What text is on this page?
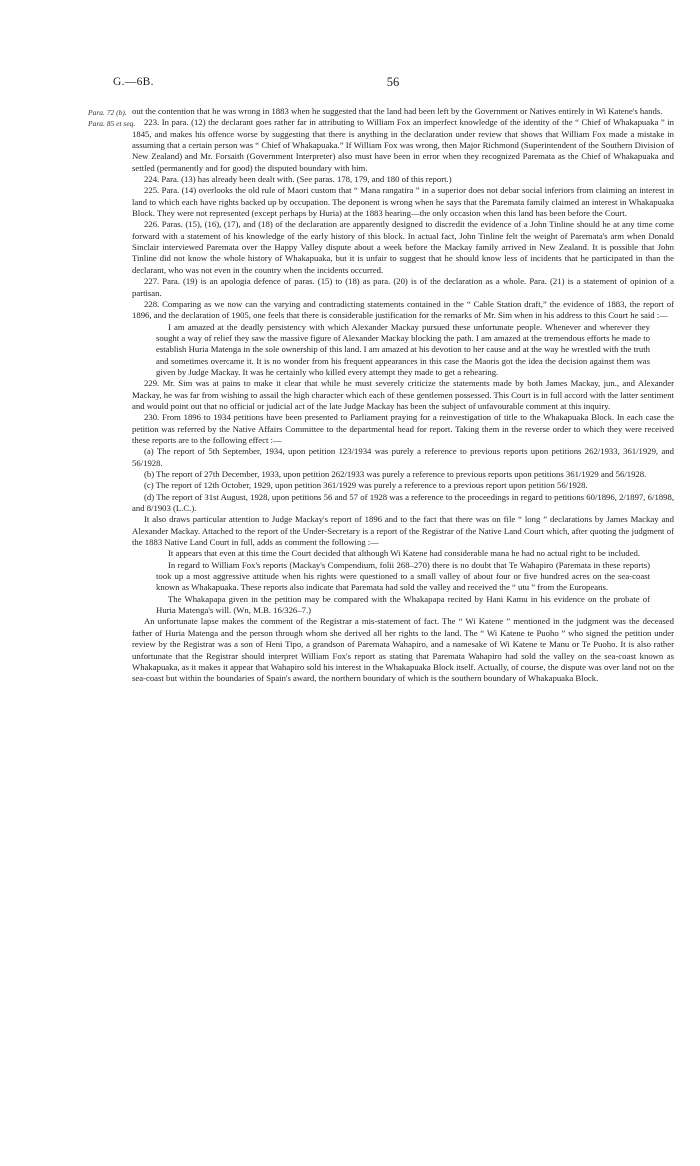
G.—6B.	56
Para. 72 (b).
Para. 85 et seq.

out the contention that he was wrong in 1883 when he suggested that the land had been left by the Government or Natives entirely in Wi Katene's hands.

223. In para. (12) the declarant goes rather far in attributing to William Fox an imperfect knowledge of the identity of the “ Chief of Whakapuaka ” in 1845, and makes his offence worse by suggesting that there is anything in the declaration under review that shows that William Fox made a mistake in assuming that a certain person was “ Chief of Whakapuaka.” If William Fox was wrong, then Major Richmond (Superintendent of the Southern Division of New Zealand) and Mr. Forsaith (Government Interpreter) also must have been in error when they recognized Paremata as the Chief of Whakapuaka and settled (permanently and for good) the disputed boundary with him.

224. Para. (13) has already been dealt with. (See paras. 178, 179, and 180 of this report.)

225. Para. (14) overlooks the old rule of Maori custom that “ Mana rangatira ” in a superior does not debar social inferiors from claiming an interest in land to which each have rights backed up by occupation. The deponent is wrong when he says that the Paremata family claimed an interest in Whakapuaka Block. They were not represented (except perhaps by Huria) at the 1883 hearing—the only occasion when this land has been before the Court.

226. Paras. (15), (16), (17), and (18) of the declaration are apparently designed to discredit the evidence of a John Tinline should he at any time come forward with a statement of his knowledge of the early history of this block. In actual fact, John Tinline felt the weight of Paremata's arm when Donald Sinclair interviewed Paremata over the Happy Valley dispute about a week before the Mackay family arrived in New Zealand. It is possible that John Tinline did not know the whole history of Whakapuaka, but it is unfair to suggest that he should know less of incidents that he participated in than the declarant, who was not even in the country when the incidents occurred.

227. Para. (19) is an apologia defence of paras. (15) to (18) as para. (20) is of the declaration as a whole. Para. (21) is a statement of opinion of a partisan.

228. Comparing as we now can the varying and contradicting statements contained in the “ Cable Station draft,” the evidence of 1883, the report of 1896, and the declaration of 1905, one feels that there is considerable justification for the remarks of Mr. Sim when in his address to this Court he said :—

I am amazed at the deadly persistency with which Alexander Mackay pursued these unfortunate people. Whenever and wherever they sought a way of relief they saw the massive figure of Alexander Mackay blocking the path. I am amazed at the tremendous efforts he made to establish Huria Matenga in the sole ownership of this land. I am amazed at his devotion to her cause and at the way he wrestled with the truth and sometimes overcame it. It is no wonder from his frequent appearances in this case the Maoris got the idea the decision against them was given by Judge Mackay. It was he certainly who killed every attempt they made to get a rehearing.

229. Mr. Sim was at pains to make it clear that while he must severely criticize the statements made by both James Mackay, jun., and Alexander Mackay, he was far from wishing to assail the high character which each of these gentlemen possessed. This Court is in full accord with the latter sentiment and would point out that no official or judicial act of the late Judge Mackay has been the subject of unfavourable comment at this inquiry.

230. From 1896 to 1934 petitions have been presented to Parliament praying for a reinvestigation of title to the Whakapuaka Block. In each case the petition was referred by the Native Affairs Committee to the departmental head for report. Taking them in the reverse order to which they were received these reports are to the following effect :—

(a) The report of 5th September, 1934, upon petition 123/1934 was purely a reference to previous reports upon petitions 262/1933, 361/1929, and 56/1928.

(b) The report of 27th December, 1933, upon petition 262/1933 was purely a reference to previous reports upon petitions 361/1929 and 56/1928.

(c) The report of 12th October, 1929, upon petition 361/1929 was purely a reference to a previous report upon petition 56/1928.

(d) The report of 31st August, 1928, upon petitions 56 and 57 of 1928 was a reference to the proceedings in regard to petitions 60/1896, 2/1897, 6/1898, and 8/1903 (L.C.).

It also draws particular attention to Judge Mackay's report of 1896 and to the fact that there was on file “ long ” declarations by James Mackay and Alexander Mackay. Attached to the report of the Under-Secretary is a report of the Registrar of the Native Land Court which, after quoting the judgment of the 1883 Native Land Court in full, adds as comment the following :—

It appears that even at this time the Court decided that although Wi Katene had considerable mana he had no actual right to be included.

In regard to William Fox's reports (Mackay's Compendium, folii 268–270) there is no doubt that Te Wahapiro (Paremata in these reports) took up a most aggressive attitude when his rights were questioned to a small valley of about four or five hundred acres on the sea-coast known as Whakapuaka. These reports also indicate that Paremata had sold the valley and received the “ utu ” from the Europeans.

The Whakapapa given in the petition may be compared with the Whakapapa recited by Hani Kamu in his evidence on the probate of Huria Matenga's will. (Wn, M.B. 16/326–7.)

An unfortunate lapse makes the comment of the Registrar a mis-statement of fact. The “ Wi Katene ” mentioned in the judgment was the deceased father of Huria Matenga and the person through whom she derived all her rights to the land. The “ Wi Katene te Puoho ” who signed the petition under review by the Registrar was a son of Heni Tipo, a grandson of Paremata Wahapiro, and a namesake of Wi Katene te Manu or Te Puoho. It is also rather unfortunate that the Registrar should interpret William Fox's report as stating that Paremata Wahapiro had sold the valley on the sea-coast known as Whakapuaka, as it makes it appear that Wahapiro sold his interest in the Whakapuaka Block itself. Actually, of course, the dispute was over land not on the sea-coast but within the boundaries of Spain's award, the northern boundary of which is the southern boundary of Whakapuaka Block.
